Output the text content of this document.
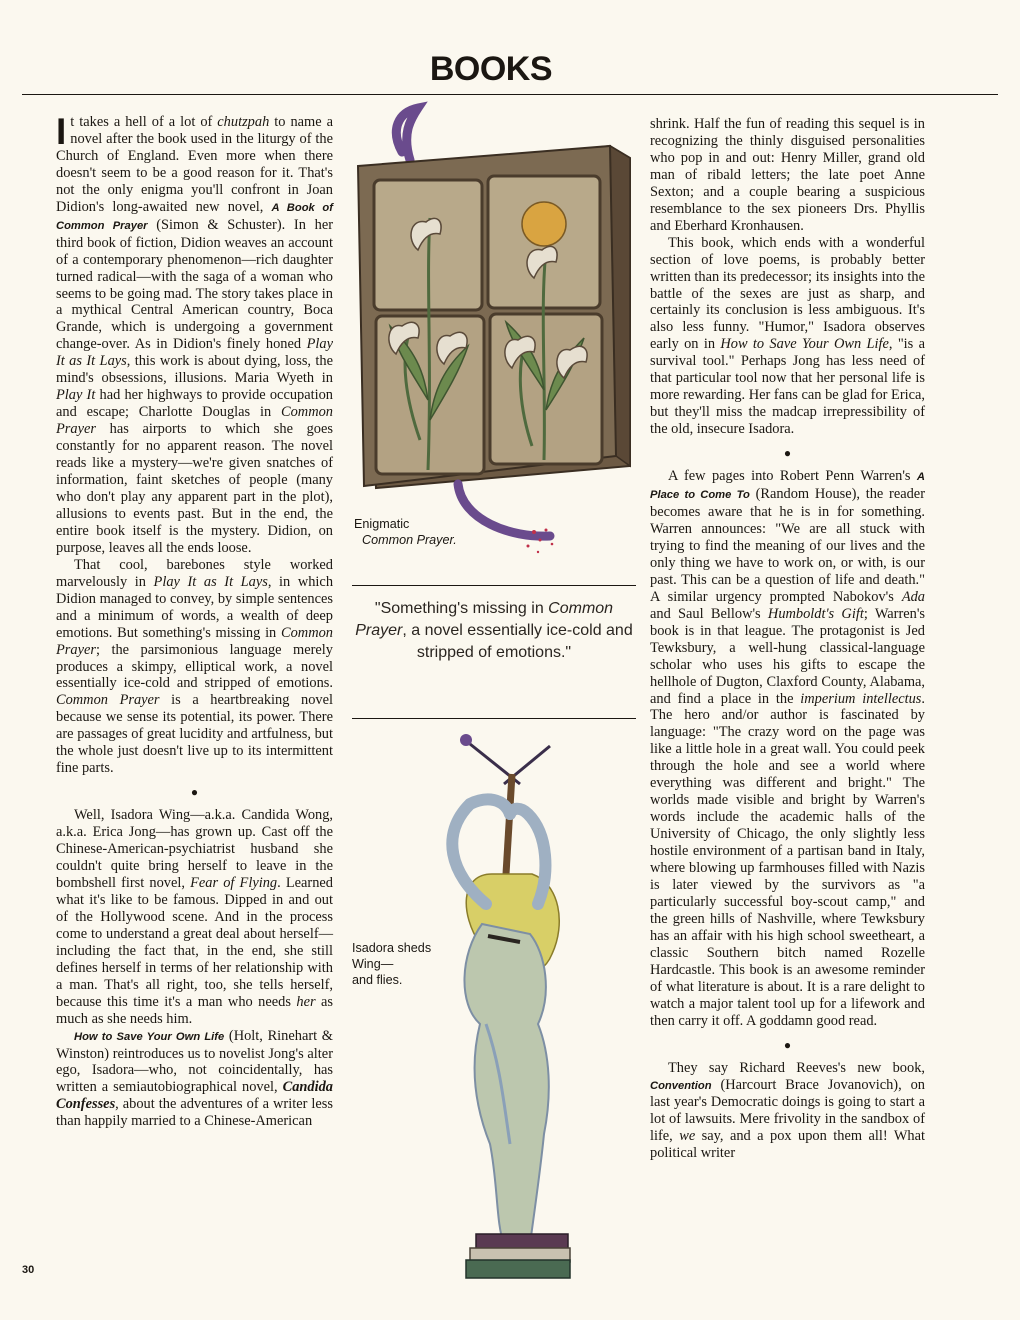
BOOKS

It takes a hell of a lot of chutzpah to name a novel after the book used in the liturgy of the Church of England. Even more when there doesn't seem to be a good reason for it. That's not the only enigma you'll confront in Joan Didion's long-awaited new novel, A Book of Common Prayer (Simon & Schuster). In her third book of fiction, Didion weaves an account of a contemporary phenomenon—rich daughter turned radical—with the saga of a woman who seems to be going mad. The story takes place in a mythical Central American country, Boca Grande, which is undergoing a government change-over. As in Didion's finely honed Play It as It Lays, this work is about dying, loss, the mind's obsessions, illusions. Maria Wyeth in Play It had her highways to provide occupation and escape; Charlotte Douglas in Common Prayer has airports to which she goes constantly for no apparent reason. The novel reads like a mystery—we're given snatches of information, faint sketches of people (many who don't play any apparent part in the plot), allusions to events past. But in the end, the entire book itself is the mystery. Didion, on purpose, leaves all the ends loose.

That cool, barebones style worked marvelously in Play It as It Lays, in which Didion managed to convey, by simple sentences and a minimum of words, a wealth of deep emotions. But something's missing in Common Prayer; the parsimonious language merely produces a skimpy, elliptical work, a novel essentially ice-cold and stripped of emotions. Common Prayer is a heartbreaking novel because we sense its potential, its power. There are passages of great lucidity and artfulness, but the whole just doesn't live up to its intermittent fine parts.

●

Well, Isadora Wing—a.k.a. Candida Wong, a.k.a. Erica Jong—has grown up. Cast off the Chinese-American-psychiatrist husband she couldn't quite bring herself to leave in the bombshell first novel, Fear of Flying. Learned what it's like to be famous. Dipped in and out of the Hollywood scene. And in the process come to understand a great deal about herself—including the fact that, in the end, she still defines herself in terms of her relationship with a man. That's all right, too, she tells herself, because this time it's a man who needs her as much as she needs him.

How to Save Your Own Life (Holt, Rinehart & Winston) reintroduces us to novelist Jong's alter ego, Isadora—who, not coincidentally, has written a semiautobiographical novel, Candida Confesses, about the adventures of a writer less than happily married to a Chinese-American

30
Enigmatic
Common Prayer.
"Something's missing in Common Prayer, a novel essentially ice-cold and stripped of emotions."
Isadora sheds
Wing—
and flies.

shrink. Half the fun of reading this sequel is in recognizing the thinly disguised personalities who pop in and out: Henry Miller, grand old man of ribald letters; the late poet Anne Sexton; and a couple bearing a suspicious resemblance to the sex pioneers Drs. Phyllis and Eberhard Kronhausen.

This book, which ends with a wonderful section of love poems, is probably better written than its predecessor; its insights into the battle of the sexes are just as sharp, and certainly its conclusion is less ambiguous. It's also less funny. "Humor," Isadora observes early on in How to Save Your Own Life, "is a survival tool." Perhaps Jong has less need of that particular tool now that her personal life is more rewarding. Her fans can be glad for Erica, but they'll miss the madcap irrepressibility of the old, insecure Isadora.

●

A few pages into Robert Penn Warren's A Place to Come To (Random House), the reader becomes aware that he is in for something. Warren announces: "We are all stuck with trying to find the meaning of our lives and the only thing we have to work on, or with, is our past. This can be a question of life and death." A similar urgency prompted Nabokov's Ada and Saul Bellow's Humboldt's Gift; Warren's book is in that league. The protagonist is Jed Tewksbury, a well-hung classical-language scholar who uses his gifts to escape the hellhole of Dugton, Claxford County, Alabama, and find a place in the imperium intellectus. The hero and/or author is fascinated by language: "The crazy word on the page was like a little hole in a great wall. You could peek through the hole and see a world where everything was different and bright." The worlds made visible and bright by Warren's words include the academic halls of the University of Chicago, the only slightly less hostile environment of a partisan band in Italy, where blowing up farmhouses filled with Nazis is later viewed by the survivors as "a particularly successful boy-scout camp," and the green hills of Nashville, where Tewksbury has an affair with his high school sweetheart, a classic Southern bitch named Rozelle Hardcastle. This book is an awesome reminder of what literature is about. It is a rare delight to watch a major talent tool up for a lifework and then carry it off. A goddamn good read.

●

They say Richard Reeves's new book, Convention (Harcourt Brace Jovanovich), on last year's Democratic doings is going to start a lot of lawsuits. Mere frivolity in the sandbox of life, we say, and a pox upon them all! What political writer
